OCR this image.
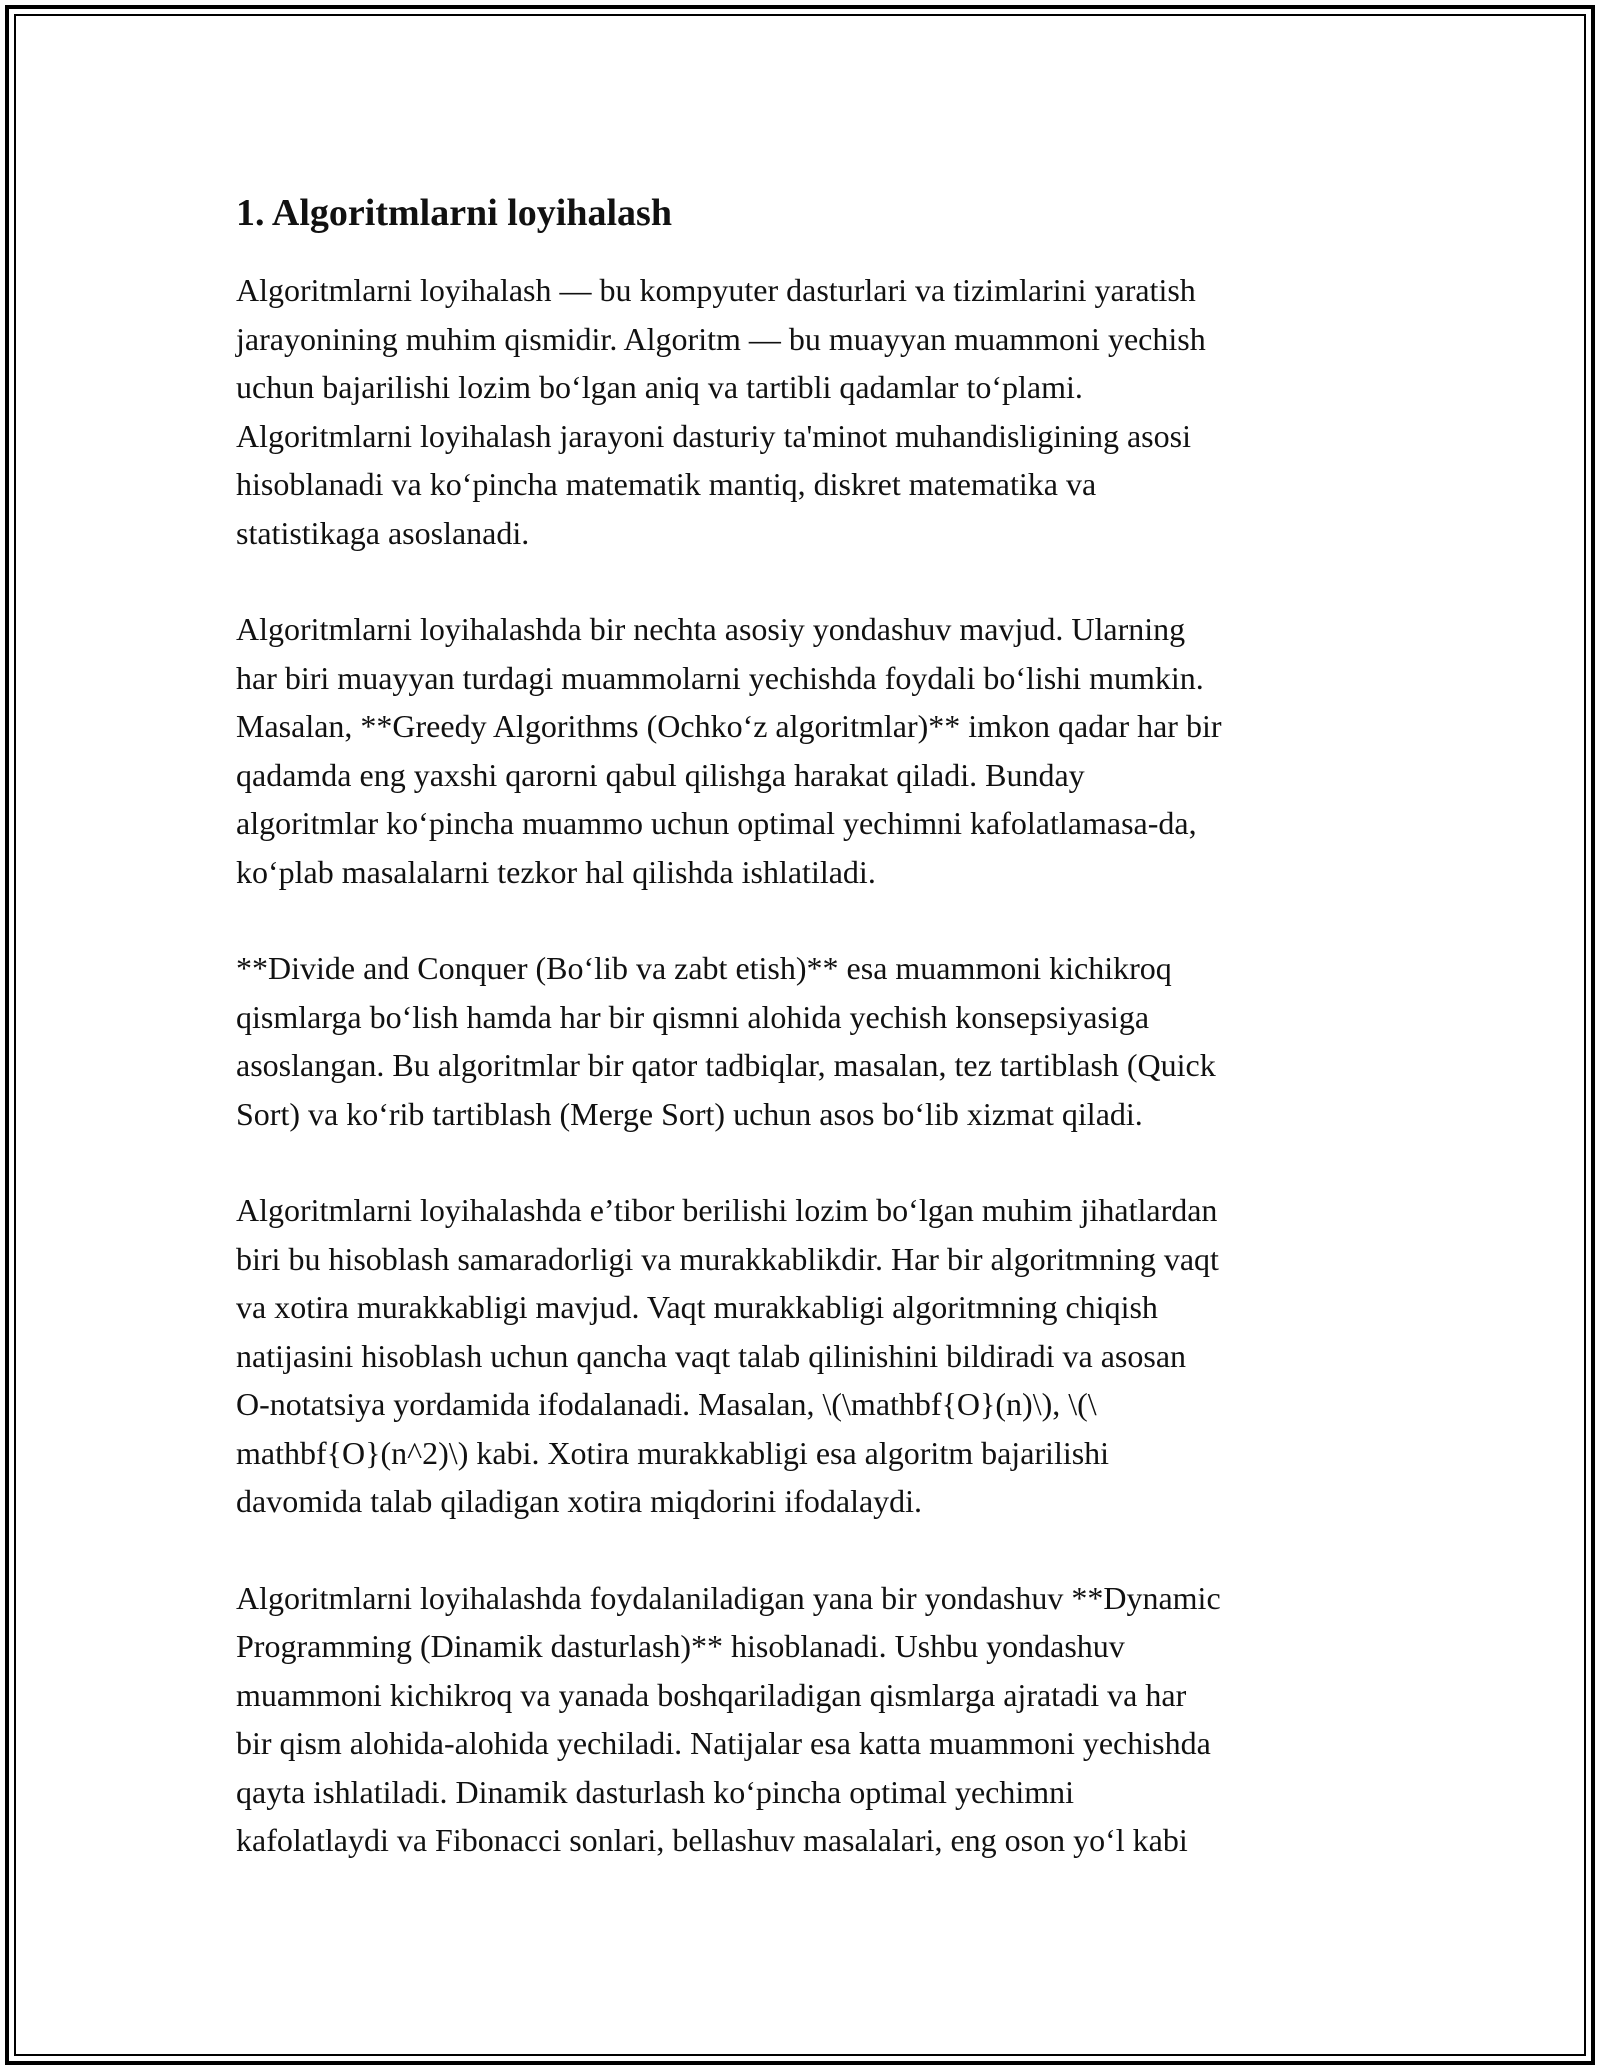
1. Algoritmlarni loyihalash

Algoritmlarni loyihalash — bu kompyuter dasturlari va tizimlarini yaratish
jarayonining muhim qismidir. Algoritm — bu muayyan muammoni yechish
uchun bajarilishi lozim bo‘lgan aniq va tartibli qadamlar to‘plami.
Algoritmlarni loyihalash jarayoni dasturiy ta'minot muhandisligining asosi
hisoblanadi va ko‘pincha matematik mantiq, diskret matematika va
statistikaga asoslanadi.

Algoritmlarni loyihalashda bir nechta asosiy yondashuv mavjud. Ularning
har biri muayyan turdagi muammolarni yechishda foydali bo‘lishi mumkin.
Masalan, **Greedy Algorithms (Ochko‘z algoritmlar)** imkon qadar har bir
qadamda eng yaxshi qarorni qabul qilishga harakat qiladi. Bunday
algoritmlar ko‘pincha muammo uchun optimal yechimni kafolatlamasa-da,
ko‘plab masalalarni tezkor hal qilishda ishlatiladi.

**Divide and Conquer (Bo‘lib va zabt etish)** esa muammoni kichikroq
qismlarga bo‘lish hamda har bir qismni alohida yechish konsepsiyasiga
asoslangan. Bu algoritmlar bir qator tadbiqlar, masalan, tez tartiblash (Quick
Sort) va ko‘rib tartiblash (Merge Sort) uchun asos bo‘lib xizmat qiladi.

Algoritmlarni loyihalashda e’tibor berilishi lozim bo‘lgan muhim jihatlardan
biri bu hisoblash samaradorligi va murakkablikdir. Har bir algoritmning vaqt
va xotira murakkabligi mavjud. Vaqt murakkabligi algoritmning chiqish
natijasini hisoblash uchun qancha vaqt talab qilinishini bildiradi va asosan
O-notatsiya yordamida ifodalanadi. Masalan, \(\mathbf{O}(n)\), \(\
mathbf{O}(n^2)\) kabi. Xotira murakkabligi esa algoritm bajarilishi
davomida talab qiladigan xotira miqdorini ifodalaydi.

Algoritmlarni loyihalashda foydalaniladigan yana bir yondashuv **Dynamic
Programming (Dinamik dasturlash)** hisoblanadi. Ushbu yondashuv
muammoni kichikroq va yanada boshqariladigan qismlarga ajratadi va har
bir qism alohida-alohida yechiladi. Natijalar esa katta muammoni yechishda
qayta ishlatiladi. Dinamik dasturlash ko‘pincha optimal yechimni
kafolatlaydi va Fibonacci sonlari, bellashuv masalalari, eng oson yo‘l kabi
